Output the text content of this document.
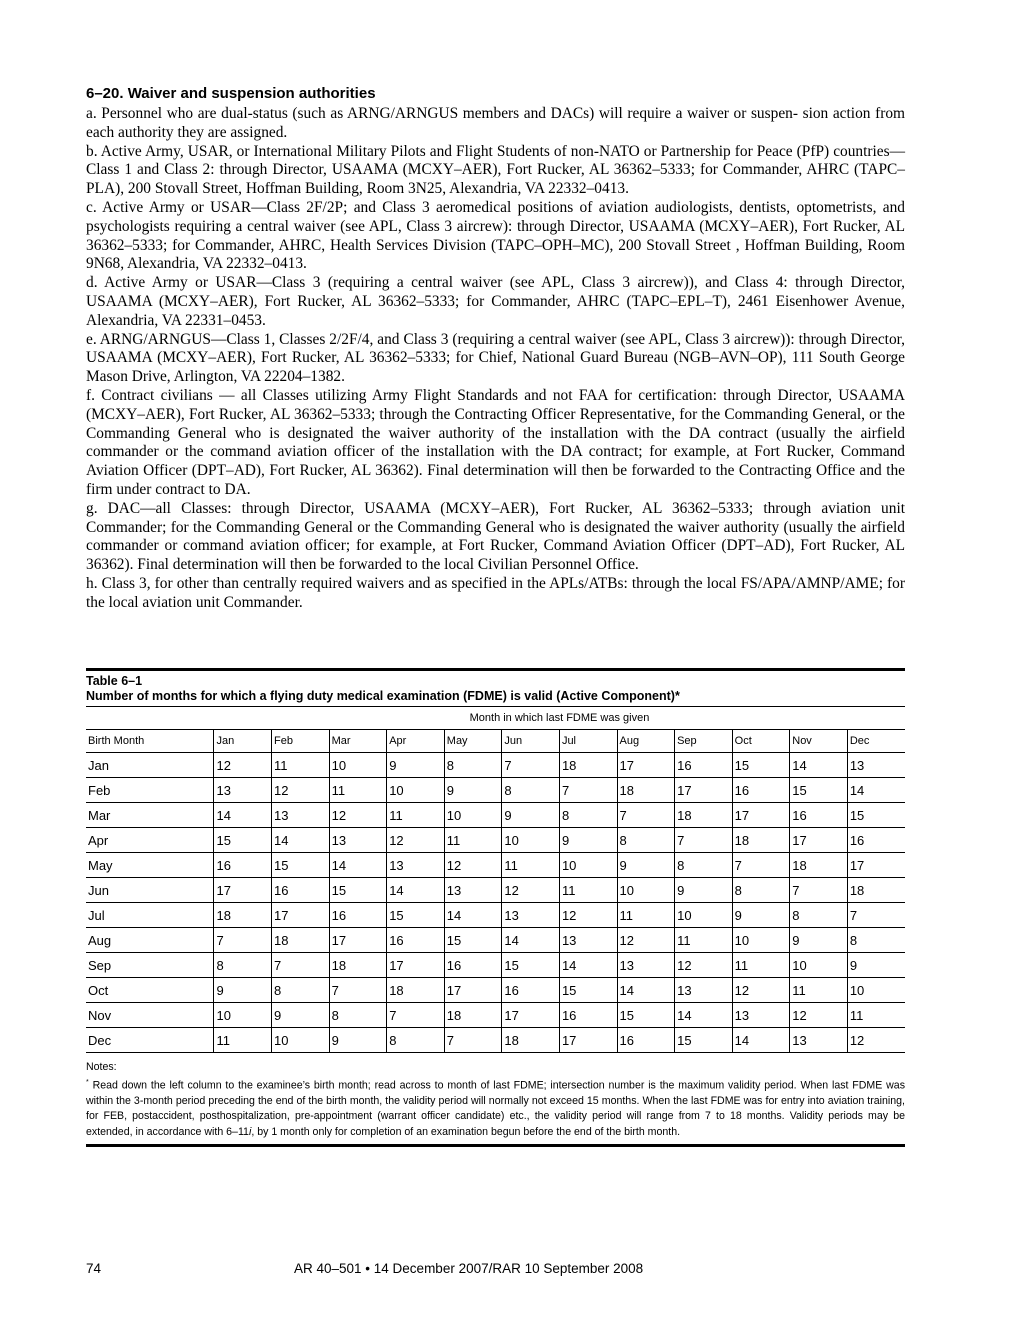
6–20. Waiver and suspension authorities

a. Personnel who are dual-status (such as ARNG/ARNGUS members and DACs) will require a waiver or suspen- sion action from each authority they are assigned.

b. Active Army, USAR, or International Military Pilots and Flight Students of non-NATO or Partnership for Peace (PfP) countries—Class 1 and Class 2: through Director, USAAMA (MCXY–AER), Fort Rucker, AL 36362–5333; for Commander, AHRC (TAPC–PLA), 200 Stovall Street, Hoffman Building, Room 3N25, Alexandria, VA 22332–0413.

c. Active Army or USAR—Class 2F/2P; and Class 3 aeromedical positions of aviation audiologists, dentists, optometrists, and psychologists requiring a central waiver (see APL, Class 3 aircrew): through Director, USAAMA (MCXY–AER), Fort Rucker, AL 36362–5333; for Commander, AHRC, Health Services Division (TAPC–OPH–MC), 200 Stovall Street , Hoffman Building, Room 9N68, Alexandria, VA 22332–0413.

d. Active Army or USAR—Class 3 (requiring a central waiver (see APL, Class 3 aircrew)), and Class 4: through Director, USAAMA (MCXY–AER), Fort Rucker, AL 36362–5333; for Commander, AHRC (TAPC–EPL–T), 2461 Eisenhower Avenue, Alexandria, VA 22331–0453.

e. ARNG/ARNGUS—Class 1, Classes 2/2F/4, and Class 3 (requiring a central waiver (see APL, Class 3 aircrew)): through Director, USAAMA (MCXY–AER), Fort Rucker, AL 36362–5333; for Chief, National Guard Bureau (NGB–AVN–OP), 111 South George Mason Drive, Arlington, VA 22204–1382.

f. Contract civilians — all Classes utilizing Army Flight Standards and not FAA for certification: through Director, USAAMA (MCXY–AER), Fort Rucker, AL 36362–5333; through the Contracting Officer Representative, for the Commanding General, or the Commanding General who is designated the waiver authority of the installation with the DA contract (usually the airfield commander or the command aviation officer of the installation with the DA contract; for example, at Fort Rucker, Command Aviation Officer (DPT–AD), Fort Rucker, AL 36362). Final determination will then be forwarded to the Contracting Office and the firm under contract to DA.

g. DAC—all Classes: through Director, USAAMA (MCXY–AER), Fort Rucker, AL 36362–5333; through aviation unit Commander; for the Commanding General or the Commanding General who is designated the waiver authority (usually the airfield commander or command aviation officer; for example, at Fort Rucker, Command Aviation Officer (DPT–AD), Fort Rucker, AL 36362). Final determination will then be forwarded to the local Civilian Personnel Office.

h. Class 3, for other than centrally required waivers and as specified in the APLs/ATBs: through the local FS/APA/AMNP/AME; for the local aviation unit Commander.

Table 6–1
Number of months for which a flying duty medical examination (FDME) is valid (Active Component)*
	Month in which last FDME was given											
Birth Month	Jan	Feb	Mar	Apr	May	Jun	Jul	Aug	Sep	Oct	Nov	Dec
Jan	12	11	10	9	8	7	18	17	16	15	14	13
Feb	13	12	11	10	9	8	7	18	17	16	15	14
Mar	14	13	12	11	10	9	8	7	18	17	16	15
Apr	15	14	13	12	11	10	9	8	7	18	17	16
May	16	15	14	13	12	11	10	9	8	7	18	17
Jun	17	16	15	14	13	12	11	10	9	8	7	18
Jul	18	17	16	15	14	13	12	11	10	9	8	7
Aug	7	18	17	16	15	14	13	12	11	10	9	8
Sep	8	7	18	17	16	15	14	13	12	11	10	9
Oct	9	8	7	18	17	16	15	14	13	12	11	10
Nov	10	9	8	7	18	17	16	15	14	13	12	11
Dec	11	10	9	8	7	18	17	16	15	14	13	12
Notes:
* Read down the left column to the examinee’s birth month; read across to month of last FDME; intersection number is the maximum validity period. When last FDME was within the 3-month period preceding the end of the birth month, the validity period will normally not exceed 15 months. When the last FDME was for entry into aviation training, for FEB, postaccident, posthospitalization, pre-appointment (warrant officer candidate) etc., the validity period will range from 7 to 18 months. Validity periods may be extended, in accordance with 6–11i, by 1 month only for completion of an examination begun before the end of the birth month.
74	AR 40–501 • 14 December 2007/RAR 10 September 2008
